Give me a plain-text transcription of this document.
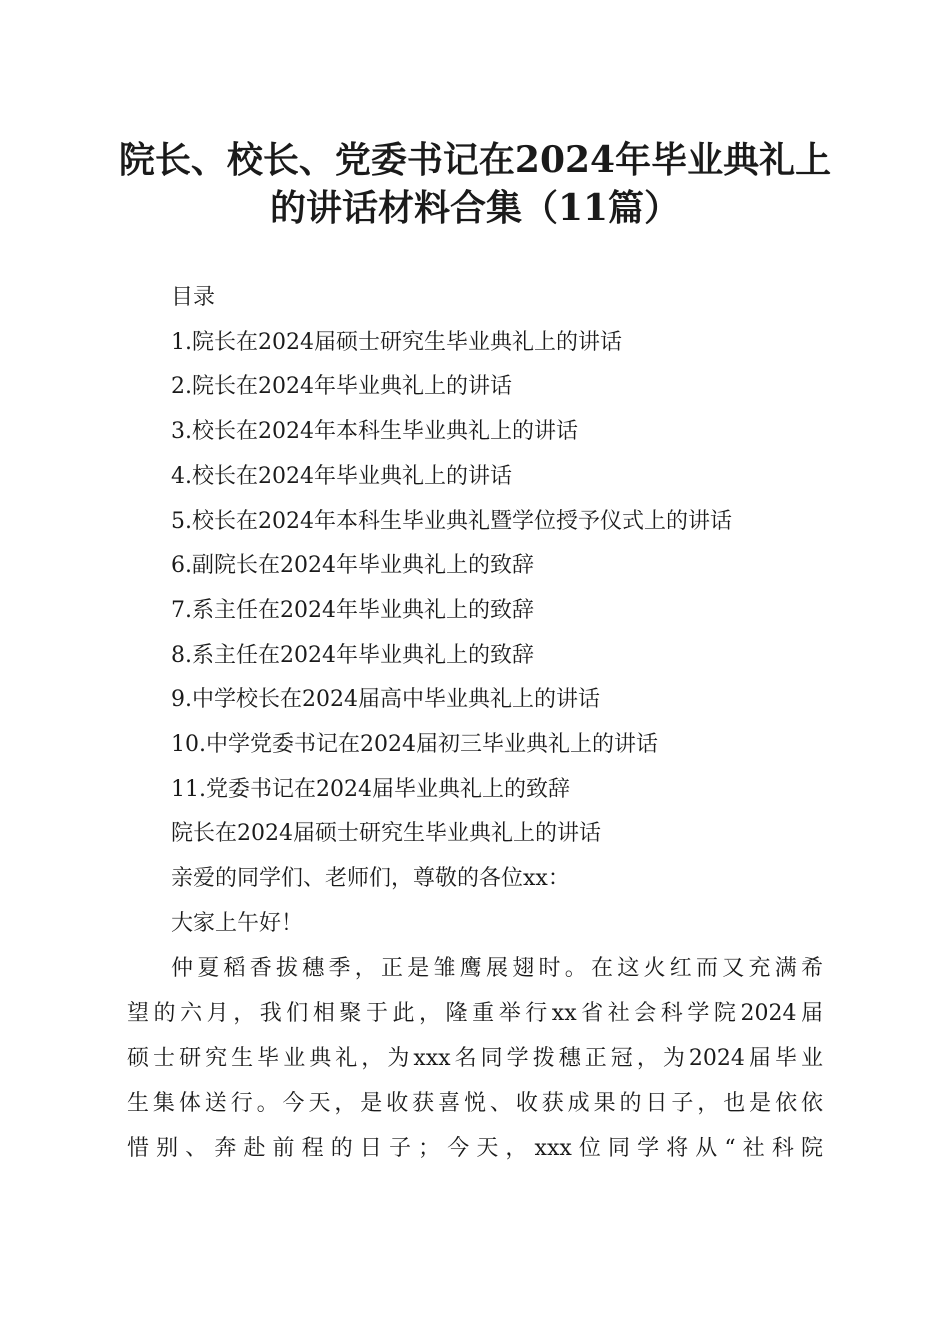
院长、校长、党委书记在2024年毕业典礼上
的讲话材料合集（11篇）

目录

1.院长在2024届硕士研究生毕业典礼上的讲话

2.院长在2024年毕业典礼上的讲话

3.校长在2024年本科生毕业典礼上的讲话

4.校长在2024年毕业典礼上的讲话

5.校长在2024年本科生毕业典礼暨学位授予仪式上的讲话

6.副院长在2024年毕业典礼上的致辞

7.系主任在2024年毕业典礼上的致辞

8.系主任在2024年毕业典礼上的致辞

9.中学校长在2024届高中毕业典礼上的讲话

10.中学党委书记在2024届初三毕业典礼上的讲话

11.党委书记在2024届毕业典礼上的致辞

院长在2024届硕士研究生毕业典礼上的讲话

亲爱的同学们、老师们，尊敬的各位xx：

大家上午好！

仲夏稻香拔穗季，正是雏鹰展翅时。在这火红而又充满希
望的六月，我们相聚于此，隆重举行xx省社会科学院2024届
硕士研究生毕业典礼，为xxx名同学拨穗正冠，为2024届毕业
生集体送行。今天，是收获喜悦、收获成果的日子，也是依依
惜别、奔赴前程的日子；今天，xxx位同学将从“社科院
